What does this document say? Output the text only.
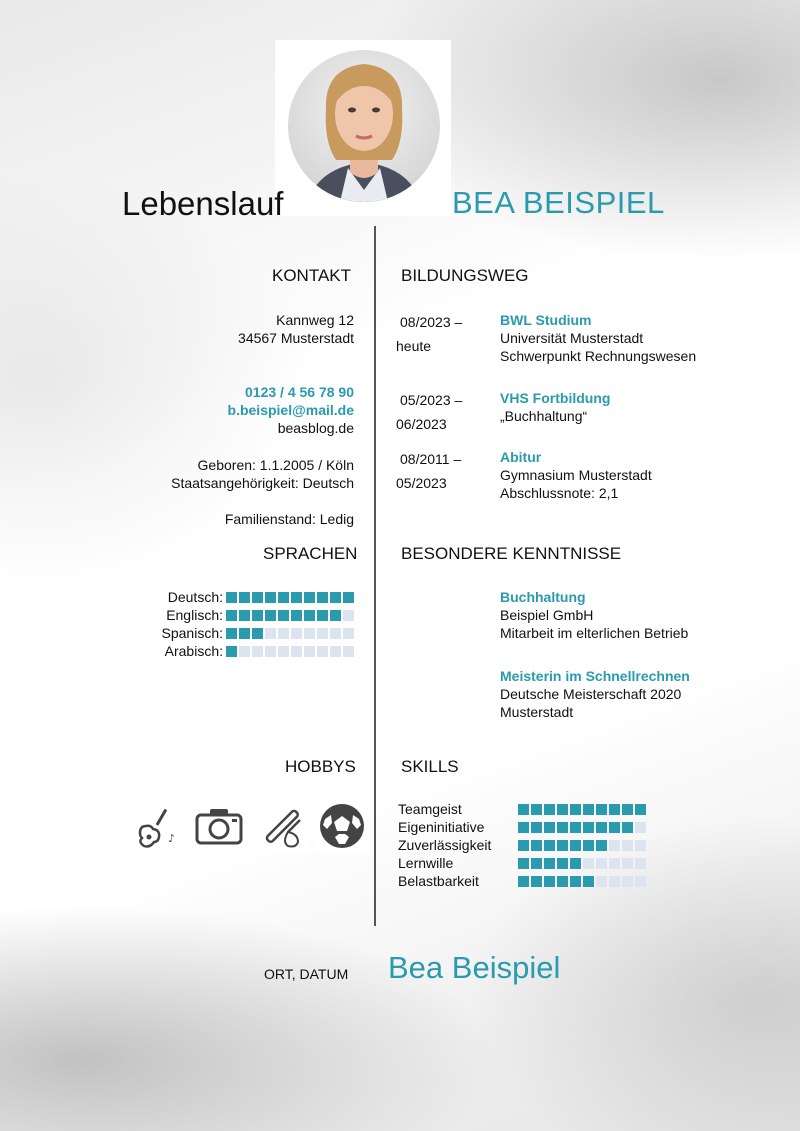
Lebenslauf	BEA BEISPIEL
KONTAKT
Kannweg 12
34567 Musterstadt
0123 / 4 56 78 90
b.beispiel@mail.de
beasblog.de
Geboren: 1.1.2005 / Köln
Staatsangehörigkeit: Deutsch
Familienstand: Ledig
BILDUNGSWEG
08/2023 –
heute
BWL Studium
Universität Musterstadt
Schwerpunkt Rechnungswesen
05/2023 –
06/2023
VHS Fortbildung
„Buchhaltung“
08/2011 –
05/2023
Abitur
Gymnasium Musterstadt
Abschlussnote: 2,1
SPRACHEN
Deutsch:
Englisch:
Spanisch:
Arabisch:
BESONDERE KENNTNISSE
Buchhaltung
Beispiel GmbH
Mitarbeit im elterlichen Betrieb
Meisterin im Schnellrechnen
Deutsche Meisterschaft 2020
Musterstadt
HOBBYS
♪
SKILLS
Teamgeist
Eigeninitiative
Zuverlässigkeit
Lernwille
Belastbarkeit
ORT, DATUM Bea Beispiel
